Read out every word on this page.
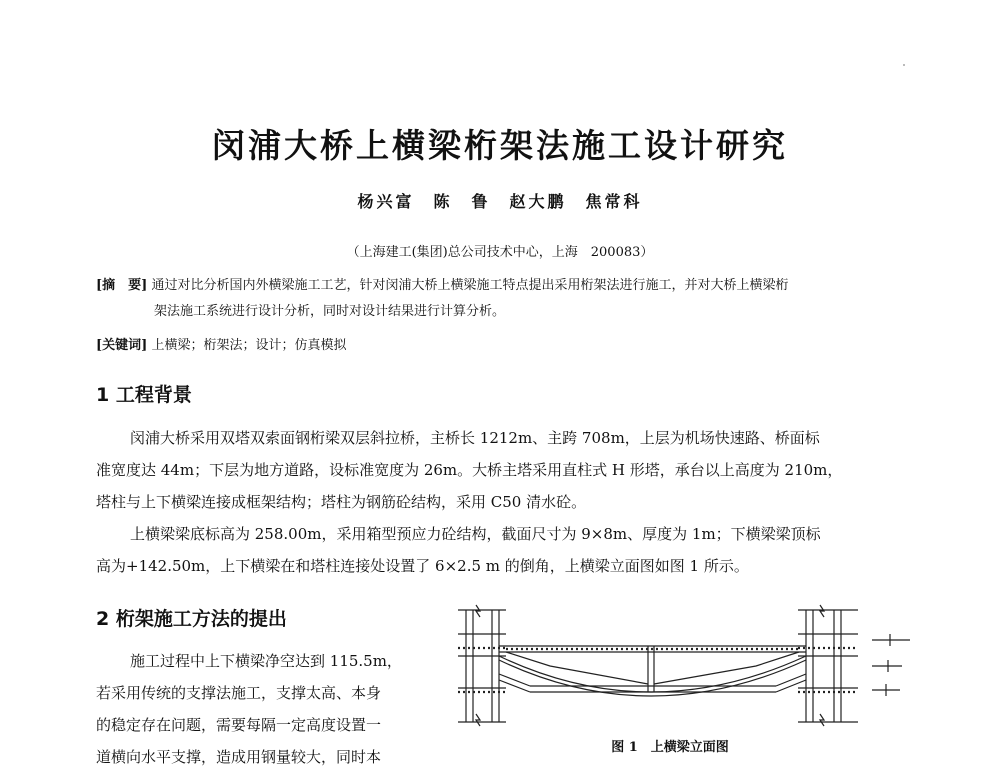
闵浦大桥上横梁桁架法施工设计研究
杨兴富　陈　鲁　赵大鹏　焦常科
（上海建工(集团)总公司技术中心，上海　200083）
[摘　要] 通过对比分析国内外横梁施工工艺，针对闵浦大桥上横梁施工特点提出采用桁架法进行施工，并对大桥上横梁桁
架法施工系统进行设计分析，同时对设计结果进行计算分析。
[关键词] 上横梁；桁架法；设计；仿真模拟
1 工程背景
闵浦大桥采用双塔双索面钢桁梁双层斜拉桥，主桥长 1212m、主跨 708m，上层为机场快速路、桥面标
准宽度达 44m；下层为地方道路，设标准宽度为 26m。大桥主塔采用直柱式 H 形塔，承台以上高度为 210m，
塔柱与上下横梁连接成框架结构；塔柱为钢筋砼结构，采用 C50 清水砼。
上横梁梁底标高为 258.00m，采用箱型预应力砼结构，截面尺寸为 9×8m、厚度为 1m；下横梁梁顶标
高为+142.50m，上下横梁在和塔柱连接处设置了 6×2.5 m 的倒角，上横梁立面图如图 1 所示。
2 桁架施工方法的提出
施工过程中上下横梁净空达到 115.5m，
若采用传统的支撑法施工，支撑太高、本身
的稳定存在问题，需要每隔一定高度设置一
道横向水平支撑，造成用钢量较大，同时本
图 1　上横梁立面图
